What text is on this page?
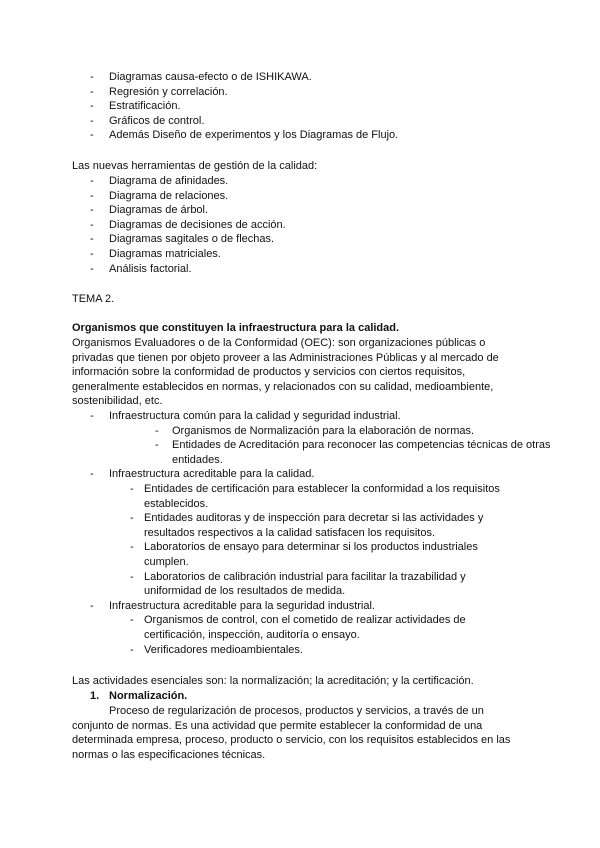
- Diagramas causa-efecto o de ISHIKAWA.
- Regresión y correlación.
- Estratificación.
- Gráficos de control.
- Además Diseño de experimentos y los Diagramas de Flujo.
Las nuevas herramientas de gestión de la calidad:
- Diagrama de afinidades.
- Diagrama de relaciones.
- Diagramas de árbol.
- Diagramas de decisiones de acción.
- Diagramas sagitales o de flechas.
- Diagramas matriciales.
- Análisis factorial.
TEMA 2.
Organismos que constituyen la infraestructura para la calidad.
Organismos Evaluadores o de la Conformidad (OEC): son organizaciones públicas o
privadas que tienen por objeto proveer a las Administraciones Públicas y al mercado de
información sobre la conformidad de productos y servicios con ciertos requisitos,
generalmente establecidos en normas, y relacionados con su calidad, medioambiente,
sostenibilidad, etc.
- Infraestructura común para la calidad y seguridad industrial.
- Organismos de Normalización para la elaboración de normas.
- Entidades de Acreditación para reconocer las competencias técnicas de otras
entidades.
- Infraestructura acreditable para la calidad.
- Entidades de certificación para establecer la conformidad a los requisitos
establecidos.
- Entidades auditoras y de inspección para decretar si las actividades y
resultados respectivos a la calidad satisfacen los requisitos.
- Laboratorios de ensayo para determinar si los productos industriales
cumplen.
- Laboratorios de calibración industrial para facilitar la trazabilidad y
uniformidad de los resultados de medida.
- Infraestructura acreditable para la seguridad industrial.
- Organismos de control, con el cometido de realizar actividades de
certificación, inspección, auditoría o ensayo.
- Verificadores medioambientales.
Las actividades esenciales son: la normalización; la acreditación; y la certificación.
1. Normalización.
Proceso de regularización de procesos, productos y servicios, a través de un
conjunto de normas. Es una actividad que permite establecer la conformidad de una
determinada empresa, proceso, producto o servicio, con los requisitos establecidos en las
normas o las especificaciones técnicas.
